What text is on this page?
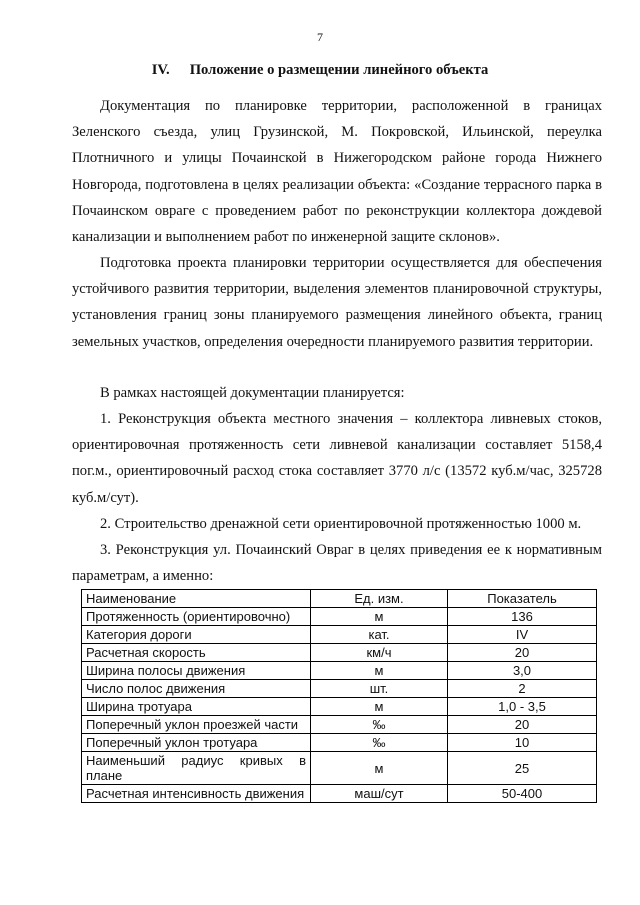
7
IV. Положение о размещении линейного объекта

Документация по планировке территории, расположенной в границах Зеленского съезда, улиц Грузинской, М. Покровской, Ильинской, переулка Плотничного и улицы Почаинской в Нижегородском районе города Нижнего Новгорода, подготовлена в целях реализации объекта: «Создание террасного парка в Почаинском овраге с проведением работ по реконструкции коллектора дождевой канализации и выполнением работ по инженерной защите склонов».

Подготовка проекта планировки территории осуществляется для обеспечения устойчивого развития территории, выделения элементов планировочной структуры, установления границ зоны планируемого размещения линейного объекта, границ земельных участков, определения очередности планируемого развития территории.

В рамках настоящей документации планируется:

1. Реконструкция объекта местного значения – коллектора ливневых стоков, ориентировочная протяженность сети ливневой канализации составляет 5158,4 пог.м., ориентировочный расход стока составляет 3770 л/с (13572 куб.м/час, 325728 куб.м/сут).

2. Строительство дренажной сети ориентировочной протяженностью 1000 м.

3. Реконструкция ул. Почаинский Овраг в целях приведения ее к нормативным параметрам, а именно:

Наименование	Ед. изм.	Показатель
Протяженность (ориентировочно)	м	136
Категория дороги	кат.	IV
Расчетная скорость	км/ч	20
Ширина полосы движения	м	3,0
Число полос движения	шт.	2
Ширина тротуара	м	1,0 - 3,5
Поперечный уклон проезжей части	‰	20
Поперечный уклон тротуара	‰	10
Наименьший радиус кривых в плане	м	25
Расчетная интенсивность движения	маш/сут	50-400
